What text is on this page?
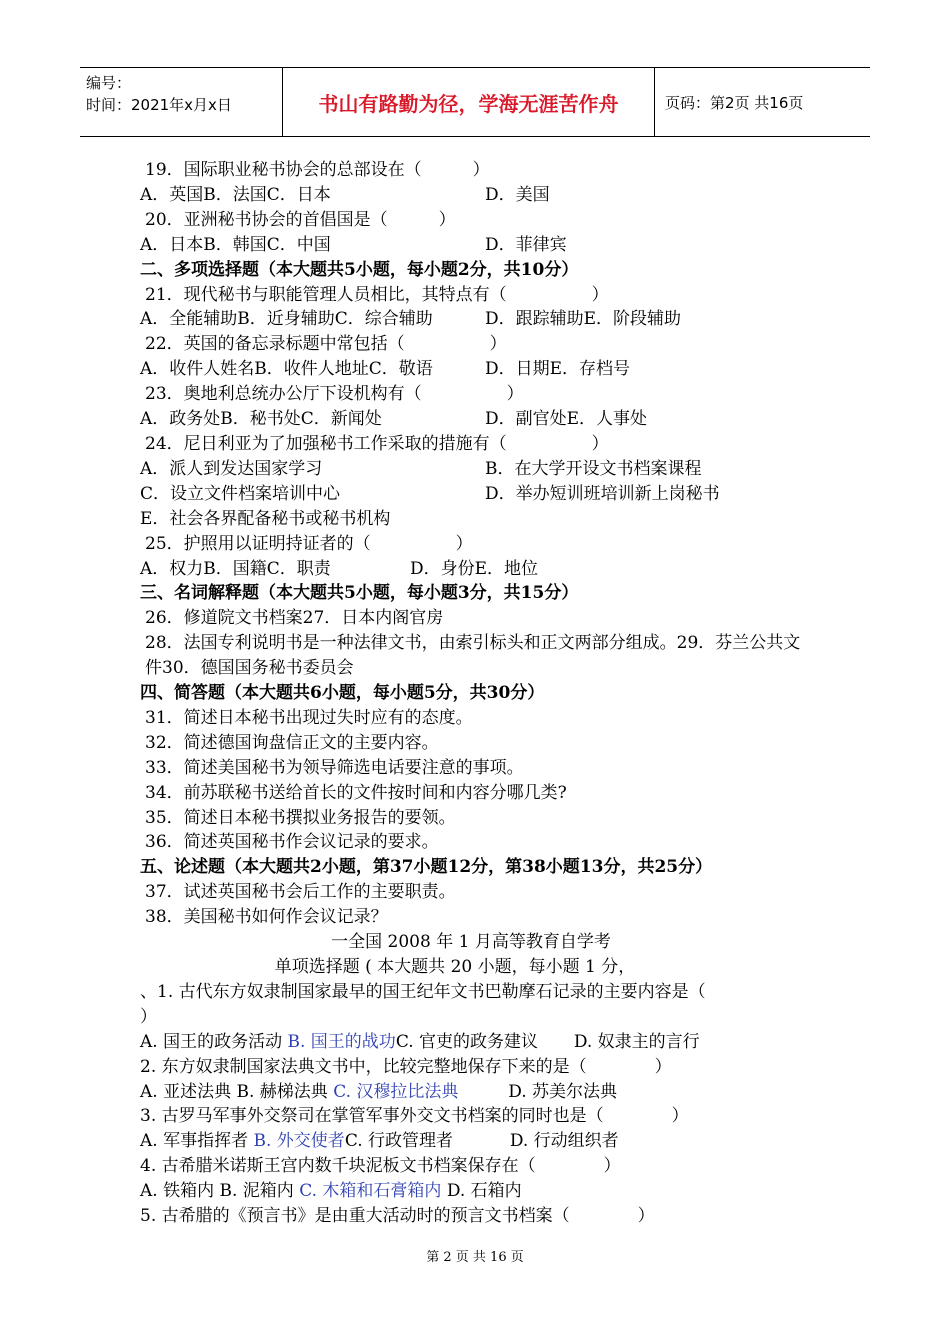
编号：
时间：2021年x月x日	书山有路勤为径，学海无涯苦作舟	页码：第2页 共16页
19．国际职业秘书协会的总部设在（　　　）
A．英国B．法国C．日本	D．美国
20．亚洲秘书协会的首倡国是（　　　）
A．日本B．韩国C．中国	D．菲律宾
二、多项选择题（本大题共5小题，每小题2分，共10分）
21．现代秘书与职能管理人员相比，其特点有（　　　　　）
A．全能辅助B．近身辅助C．综合辅助	D．跟踪辅助E．阶段辅助
22．英国的备忘录标题中常包括（　　　　　）
A．收件人姓名B．收件人地址C．敬语	D．日期E．存档号
23．奥地利总统办公厅下设机构有（　　　　　）
A．政务处B．秘书处C．新闻处	D．副官处E．人事处
24．尼日利亚为了加强秘书工作采取的措施有（　　　　　）
A．派人到发达国家学习	B．在大学开设文书档案课程
C．设立文件档案培训中心	D．举办短训班培训新上岗秘书
E．社会各界配备秘书或秘书机构
25．护照用以证明持证者的（　　　　　）
A．权力B．国籍C．职责	D．身份E．地位
三、名词解释题（本大题共5小题，每小题3分，共15分）
26．修道院文书档案27．日本内阁官房
28．法国专利说明书是一种法律文书，由索引标头和正文两部分组成。29．芬兰公共文件30．德国国务秘书委员会
四、简答题（本大题共6小题，每小题5分，共30分）
31．简述日本秘书出现过失时应有的态度。
32．简述德国询盘信正文的主要内容。
33．简述美国秘书为领导筛选电话要注意的事项。
34．前苏联秘书送给首长的文件按时间和内容分哪几类?
35．简述日本秘书撰拟业务报告的要领。
36．简述英国秘书作会议记录的要求。
五、论述题（本大题共2小题，第37小题12分，第38小题13分，共25分）
37．试述英国秘书会后工作的主要职责。
38．美国秘书如何作会议记录？
一全国 2008 年 1 月高等教育自学考
单项选择题 ( 本大题共 20 小题，每小题 1 分，
、1. 古代东方奴隶制国家最早的国王纪年文书巴勒摩石记录的主要内容是（
）
A. 国王的政务活动 B. 国王的战功C. 官吏的政务建议 D. 奴隶主的言行
2. 东方奴隶制国家法典文书中，比较完整地保存下来的是（　　　　）
A. 亚述法典 B. 赫梯法典 C. 汉穆拉比法典	D. 苏美尔法典
3. 古罗马军事外交祭司在掌管军事外交文书档案的同时也是（　　　　）
A. 军事指挥者 B. 外交使者C. 行政管理者	D. 行动组织者
4. 古希腊米诺斯王宫内数千块泥板文书档案保存在（　　　　）
A. 铁箱内 B. 泥箱内 C. 木箱和石膏箱内 D. 石箱内
5. 古希腊的《预言书》是由重大活动时的预言文书档案（　　　　）
第 2 页 共 16 页
